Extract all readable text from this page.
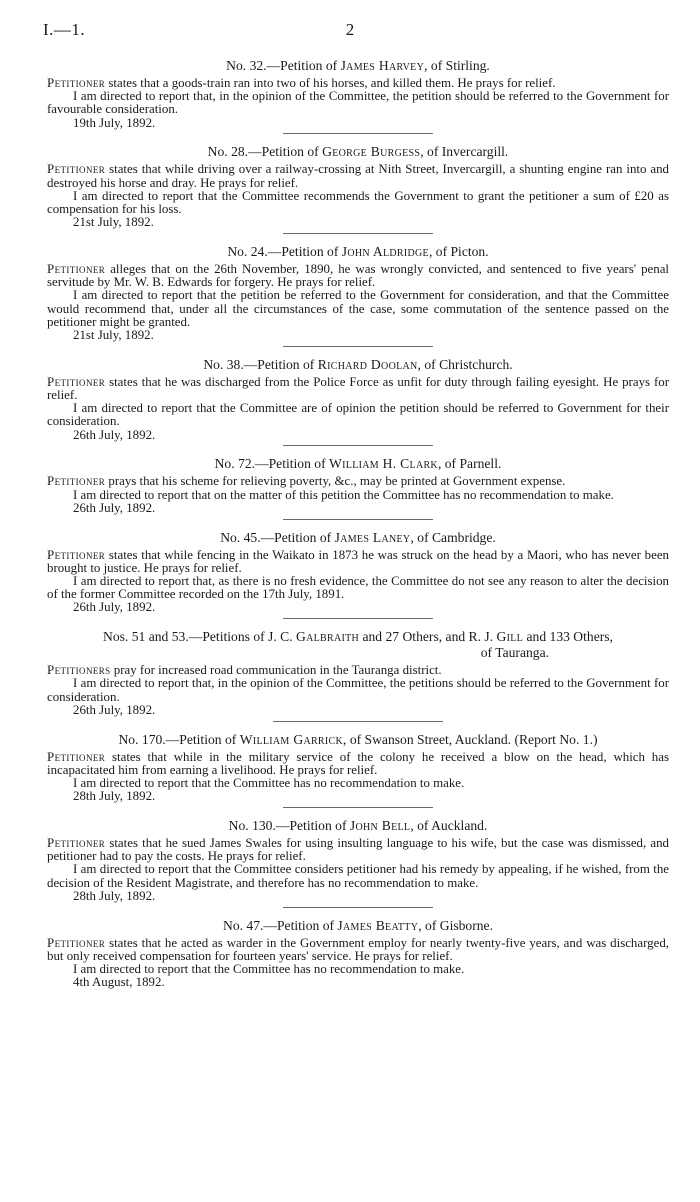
I.—1.	2
No. 32.—Petition of James Harvey, of Stirling.

Petitioner states that a goods-train ran into two of his horses, and killed them. He prays for relief.

I am directed to report that, in the opinion of the Committee, the petition should be referred to the Government for favourable consideration.

19th July, 1892.

No. 28.—Petition of George Burgess, of Invercargill.

Petitioner states that while driving over a railway-crossing at Nith Street, Invercargill, a shunting engine ran into and destroyed his horse and dray. He prays for relief.

I am directed to report that the Committee recommends the Government to grant the petitioner a sum of £20 as compensation for his loss.

21st July, 1892.

No. 24.—Petition of John Aldridge, of Picton.

Petitioner alleges that on the 26th November, 1890, he was wrongly convicted, and sentenced to five years' penal servitude by Mr. W. B. Edwards for forgery. He prays for relief.

I am directed to report that the petition be referred to the Government for consideration, and that the Committee would recommend that, under all the circumstances of the case, some commutation of the sentence passed on the petitioner might be granted.

21st July, 1892.

No. 38.—Petition of Richard Doolan, of Christchurch.

Petitioner states that he was discharged from the Police Force as unfit for duty through failing eyesight. He prays for relief.

I am directed to report that the Committee are of opinion the petition should be referred to Government for their consideration.

26th July, 1892.

No. 72.—Petition of William H. Clark, of Parnell.

Petitioner prays that his scheme for relieving poverty, &c., may be printed at Government expense.

I am directed to report that on the matter of this petition the Committee has no recommendation to make.

26th July, 1892.

No. 45.—Petition of James Laney, of Cambridge.

Petitioner states that while fencing in the Waikato in 1873 he was struck on the head by a Maori, who has never been brought to justice. He prays for relief.

I am directed to report that, as there is no fresh evidence, the Committee do not see any reason to alter the decision of the former Committee recorded on the 17th July, 1891.

26th July, 1892.

Nos. 51 and 53.—Petitions of J. C. Galbraith and 27 Others, and R. J. Gill and 133 Others,
of Tauranga.

Petitioners pray for increased road communication in the Tauranga district.

I am directed to report that, in the opinion of the Committee, the petitions should be referred to the Government for consideration.

26th July, 1892.

No. 170.—Petition of William Garrick, of Swanson Street, Auckland. (Report No. 1.)

Petitioner states that while in the military service of the colony he received a blow on the head, which has incapacitated him from earning a livelihood. He prays for relief.

I am directed to report that the Committee has no recommendation to make.

28th July, 1892.

No. 130.—Petition of John Bell, of Auckland.

Petitioner states that he sued James Swales for using insulting language to his wife, but the case was dismissed, and petitioner had to pay the costs. He prays for relief.

I am directed to report that the Committee considers petitioner had his remedy by appealing, if he wished, from the decision of the Resident Magistrate, and therefore has no recommendation to make.

28th July, 1892.

No. 47.—Petition of James Beatty, of Gisborne.

Petitioner states that he acted as warder in the Government employ for nearly twenty-five years, and was discharged, but only received compensation for fourteen years' service. He prays for relief.

I am directed to report that the Committee has no recommendation to make.

4th August, 1892.
